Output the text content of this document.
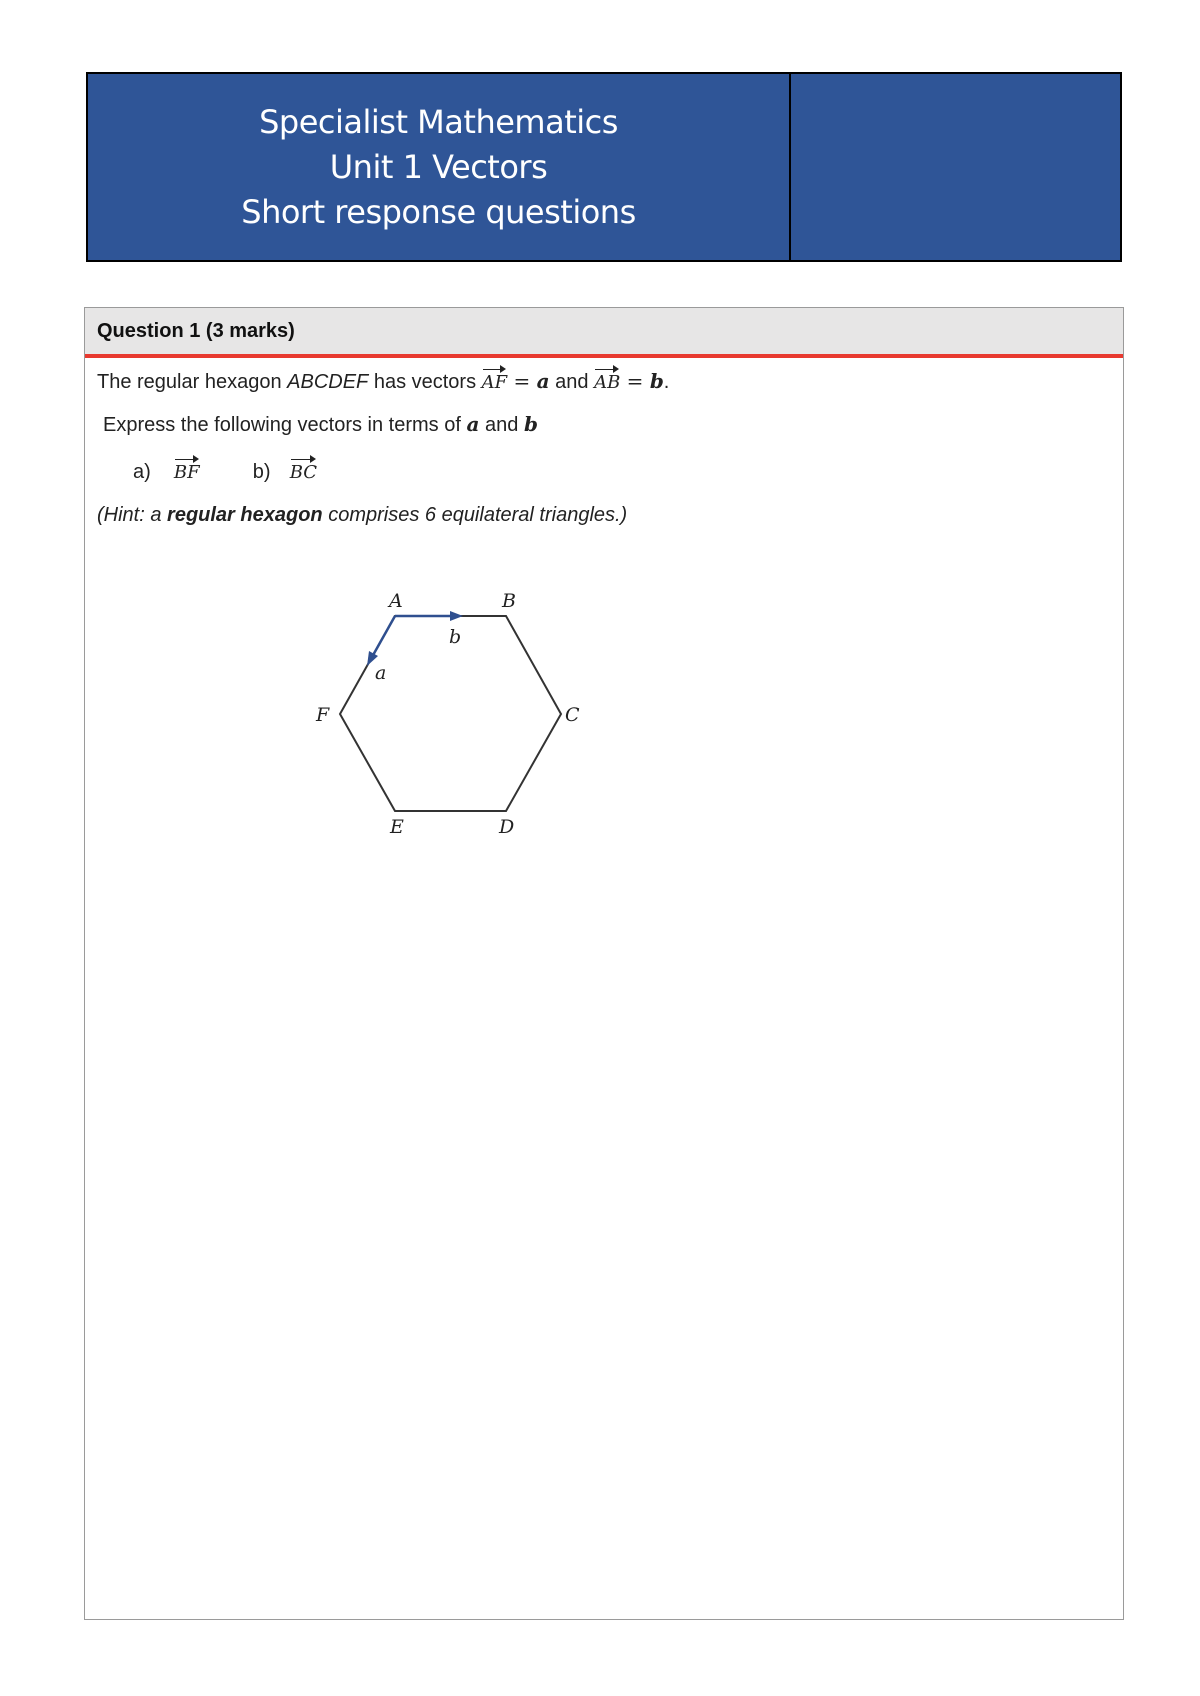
Specialist Mathematics
Unit 1 Vectors
Short response questions
Question 1 (3 marks)
The regular hexagon ABCDEF has vectors AF = a and AB = b.
Express the following vectors in terms of a and b
a) BF	b) BC
(Hint: a regular hexagon comprises 6 equilateral triangles.)
A	B
C
D
E
F
b
a
